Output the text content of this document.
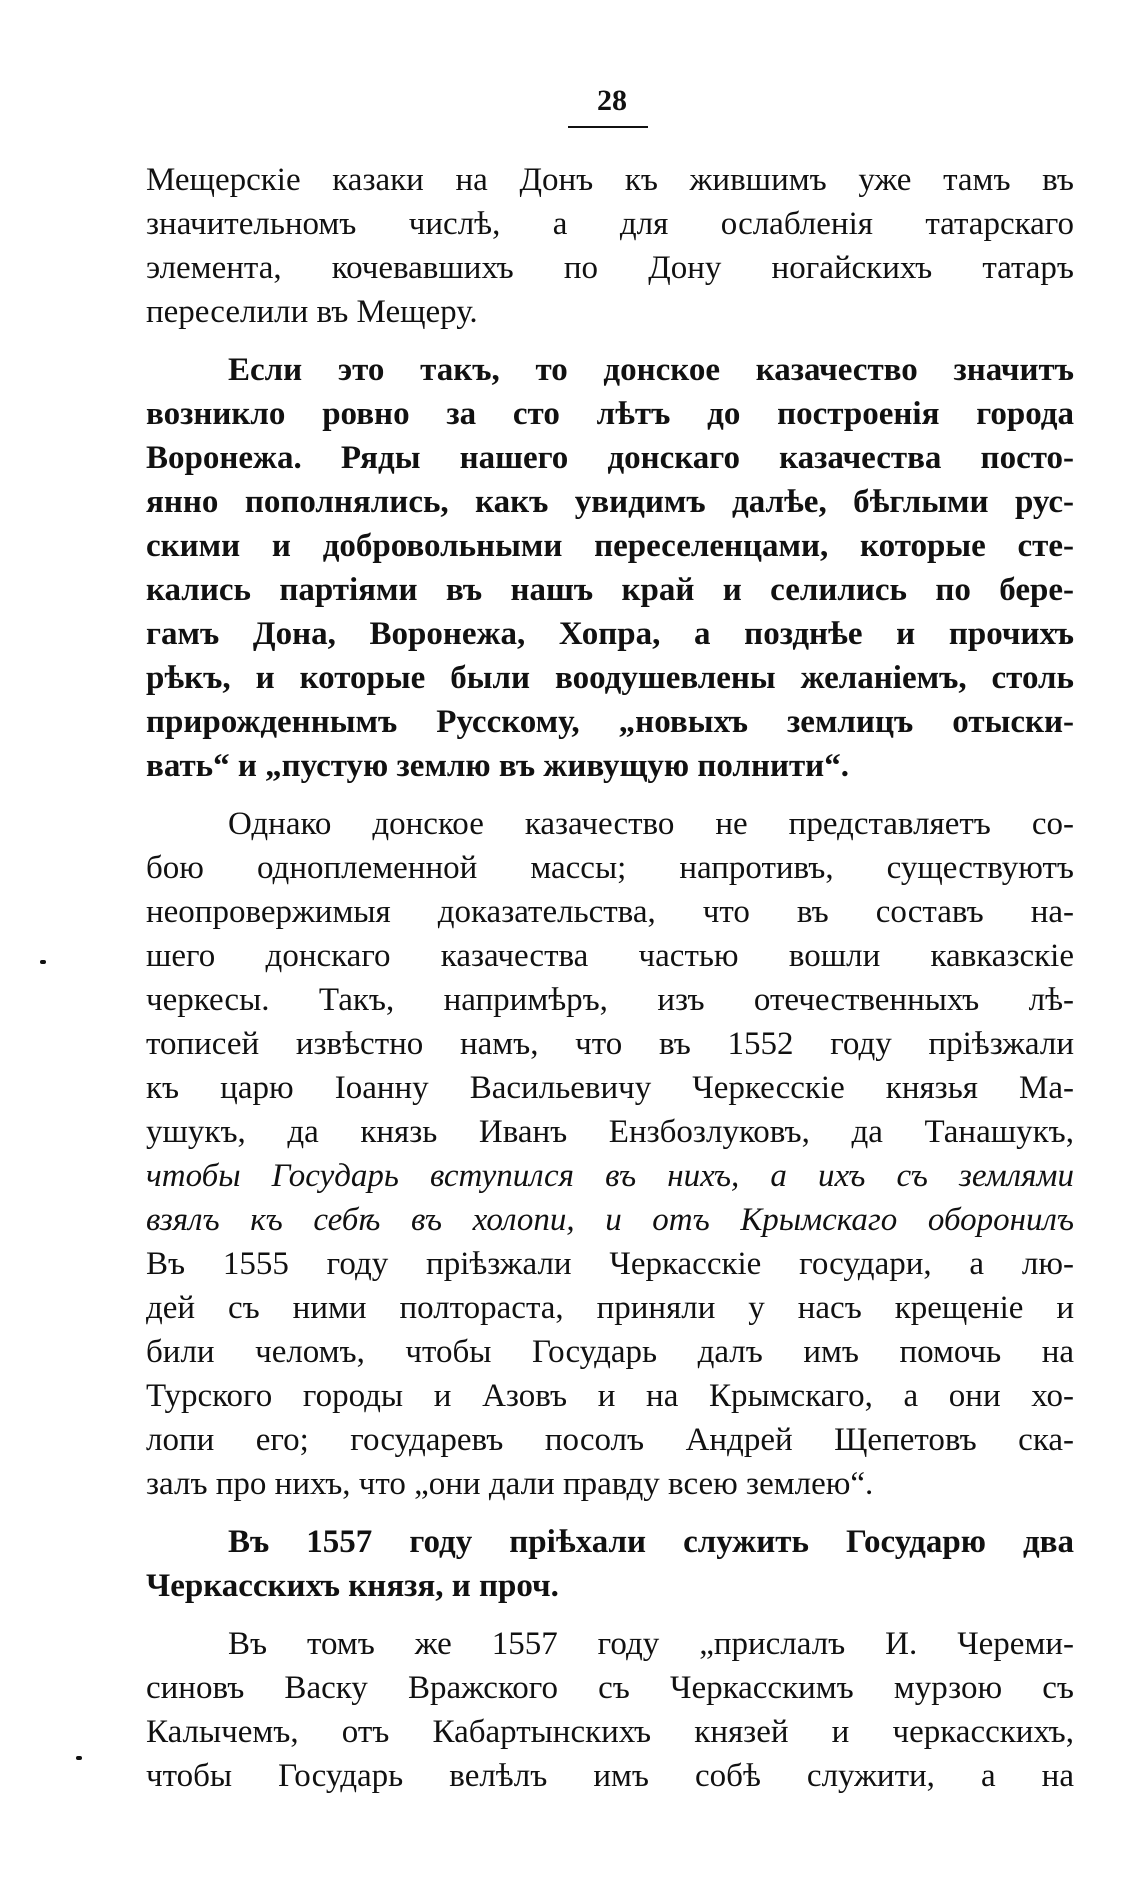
28
Мещерскіе казаки на Донъ къ жившимъ уже тамъ въ
значительномъ числѣ, а для ослабленія татарскаго
элемента, кочевавшихъ по Дону ногайскихъ татаръ
переселили въ Мещеру.
Если это такъ, то донское казачество значитъ
возникло ровно за сто лѣтъ до построенія города
Воронежа. Ряды нашего донскаго казачества посто-
янно пополнялись, какъ увидимъ далѣе, бѣглыми рус-
скими и добровольными переселенцами, которые сте-
кались партіями въ нашъ край и селились по бере-
гамъ Дона, Воронежа, Хопра, а позднѣе и прочихъ
рѣкъ, и которые были воодушевлены желаніемъ, столь
прирожденнымъ Русскому, „новыхъ землицъ отыски-
вать“ и „пустую землю въ живущую полнити“.
Однако донское казачество не представляетъ со-
бою одноплеменной массы; напротивъ, существуютъ
неопровержимыя доказательства, что въ составъ на-
шего донскаго казачества частью вошли кавказскіе
черкесы. Такъ, напримѣръ, изъ отечественныхъ лѣ-
тописей извѣстно намъ, что въ 1552 году пріѣзжали
къ царю Іоанну Васильевичу Черкесскіе князья Ма-
ушукъ, да князь Иванъ Ензбозлуковъ, да Танашукъ,
чтобы Государь вступился въ нихъ, а ихъ съ землями
взялъ къ себѣ въ холопи, и отъ Крымскаго оборонилъ
Въ 1555 году пріѣзжали Черкасскіе государи, а лю-
дей съ ними полтораста, приняли у насъ крещеніе и
били челомъ, чтобы Государь далъ имъ помочь на
Турского городы и Азовъ и на Крымскаго, а они хо-
лопи его; государевъ посолъ Андрей Щепетовъ ска-
залъ про нихъ, что „они дали правду всею землею“.
Въ 1557 году пріѣхали служить Государю два
Черкасскихъ князя, и проч.
Въ томъ же 1557 году „прислалъ И. Череми-
синовъ Васку Вражского съ Черкасскимъ мурзою съ
Калычемъ, отъ Кабартынскихъ князей и черкасскихъ,
чтобы Государь велѣлъ имъ собѣ служити, а на
